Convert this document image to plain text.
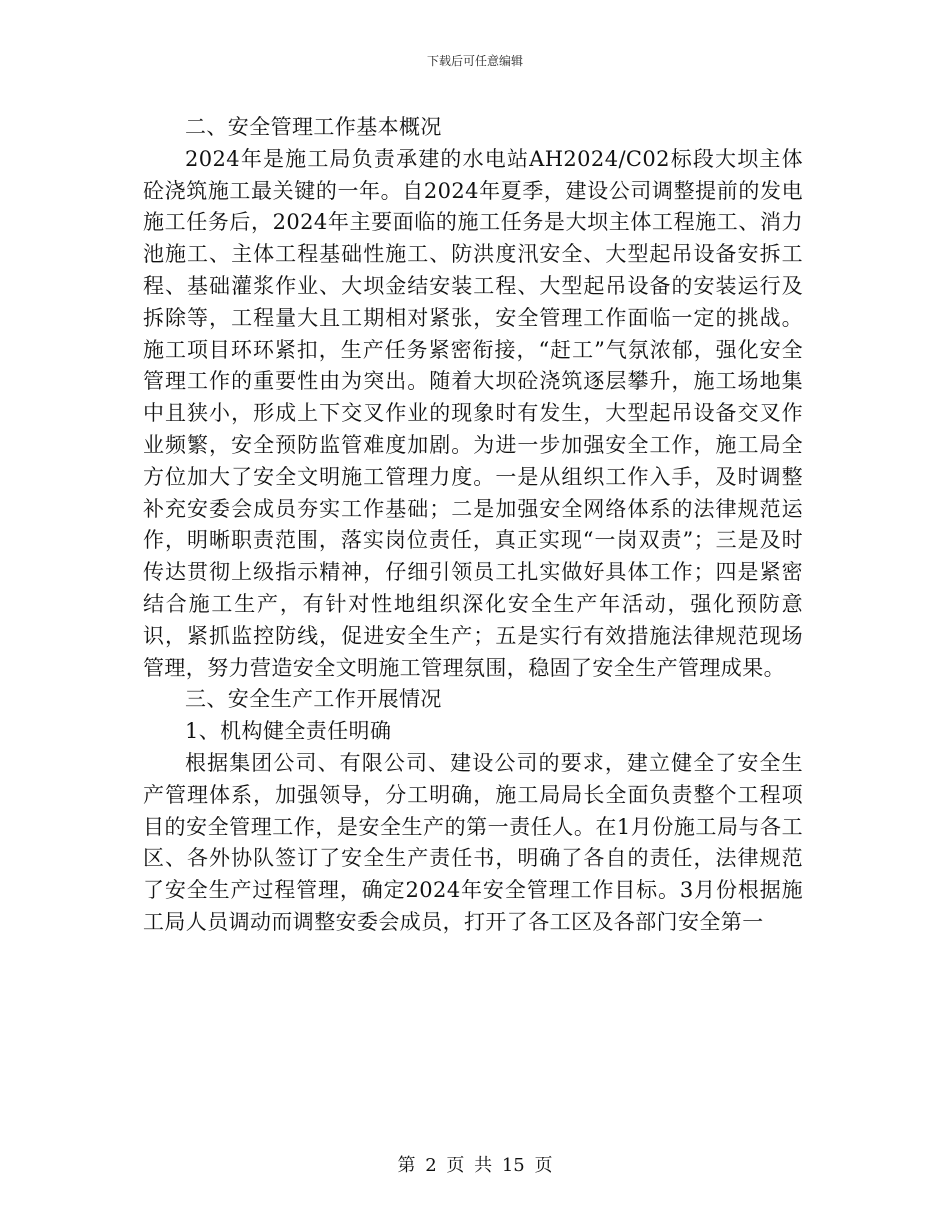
下载后可任意编辑

二、安全管理工作基本概况

2024年是施工局负责承建的水电站AH2024/C02标段大坝主体砼浇筑施工最关键的一年。自2024年夏季，建设公司调整提前的发电施工任务后，2024年主要面临的施工任务是大坝主体工程施工、消力池施工、主体工程基础性施工、防洪度汛安全、大型起吊设备安拆工程、基础灌浆作业、大坝金结安装工程、大型起吊设备的安装运行及拆除等，工程量大且工期相对紧张，安全管理工作面临一定的挑战。施工项目环环紧扣，生产任务紧密衔接，“赶工”气氛浓郁，强化安全管理工作的重要性由为突出。随着大坝砼浇筑逐层攀升，施工场地集中且狭小，形成上下交叉作业的现象时有发生，大型起吊设备交叉作业频繁，安全预防监管难度加剧。为进一步加强安全工作，施工局全方位加大了安全文明施工管理力度。一是从组织工作入手，及时调整补充安委会成员夯实工作基础；二是加强安全网络体系的法律规范运作，明晰职责范围，落实岗位责任，真正实现“一岗双责”；三是及时传达贯彻上级指示精神，仔细引领员工扎实做好具体工作；四是紧密结合施工生产，有针对性地组织深化安全生产年活动，强化预防意识，紧抓监控防线，促进安全生产；五是实行有效措施法律规范现场管理，努力营造安全文明施工管理氛围，稳固了安全生产管理成果。

三、安全生产工作开展情况

1、机构健全责任明确

根据集团公司、有限公司、建设公司的要求，建立健全了安全生产管理体系，加强领导，分工明确，施工局局长全面负责整个工程项目的安全管理工作，是安全生产的第一责任人。在1月份施工局与各工区、各外协队签订了安全生产责任书，明确了各自的责任，法律规范了安全生产过程管理，确定2024年安全管理工作目标。3月份根据施工局人员调动而调整安委会成员，打开了各工区及各部门安全第一

第 2 页 共 15 页
